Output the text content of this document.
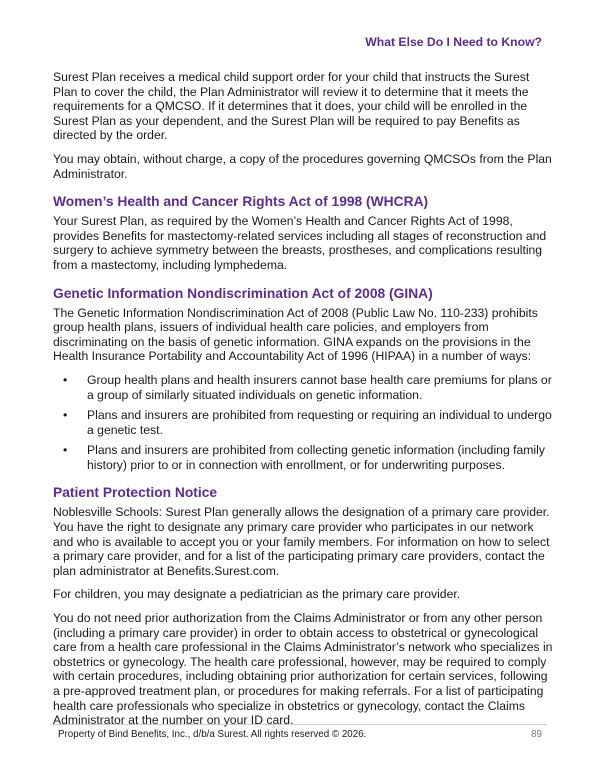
What Else Do I Need to Know?

Surest Plan receives a medical child support order for your child that instructs the Surest Plan to cover the child, the Plan Administrator will review it to determine that it meets the requirements for a QMCSO. If it determines that it does, your child will be enrolled in the Surest Plan as your dependent, and the Surest Plan will be required to pay Benefits as directed by the order.

You may obtain, without charge, a copy of the procedures governing QMCSOs from the Plan Administrator.

Women’s Health and Cancer Rights Act of 1998 (WHCRA)

Your Surest Plan, as required by the Women’s Health and Cancer Rights Act of 1998, provides Benefits for mastectomy-related services including all stages of reconstruction and surgery to achieve symmetry between the breasts, prostheses, and complications resulting from a mastectomy, including lymphedema.

Genetic Information Nondiscrimination Act of 2008 (GINA)

The Genetic Information Nondiscrimination Act of 2008 (Public Law No. 110-233) prohibits group health plans, issuers of individual health care policies, and employers from discriminating on the basis of genetic information. GINA expands on the provisions in the Health Insurance Portability and Accountability Act of 1996 (HIPAA) in a number of ways:

• Group health plans and health insurers cannot base health care premiums for plans or a group of similarly situated individuals on genetic information.
• Plans and insurers are prohibited from requesting or requiring an individual to undergo a genetic test.
• Plans and insurers are prohibited from collecting genetic information (including family history) prior to or in connection with enrollment, or for underwriting purposes.
Patient Protection Notice

Noblesville Schools: Surest Plan generally allows the designation of a primary care provider. You have the right to designate any primary care provider who participates in our network and who is available to accept you or your family members. For information on how to select a primary care provider, and for a list of the participating primary care providers, contact the plan administrator at Benefits.Surest.com.

For children, you may designate a pediatrician as the primary care provider.

You do not need prior authorization from the Claims Administrator or from any other person (including a primary care provider) in order to obtain access to obstetrical or gynecological care from a health care professional in the Claims Administrator’s network who specializes in obstetrics or gynecology. The health care professional, however, may be required to comply with certain procedures, including obtaining prior authorization for certain services, following a pre-approved treatment plan, or procedures for making referrals. For a list of participating health care professionals who specialize in obstetrics or gynecology, contact the Claims Administrator at the number on your ID card.

Property of Bind Benefits, Inc., d/b/a Surest. All rights reserved © 2026.	89
